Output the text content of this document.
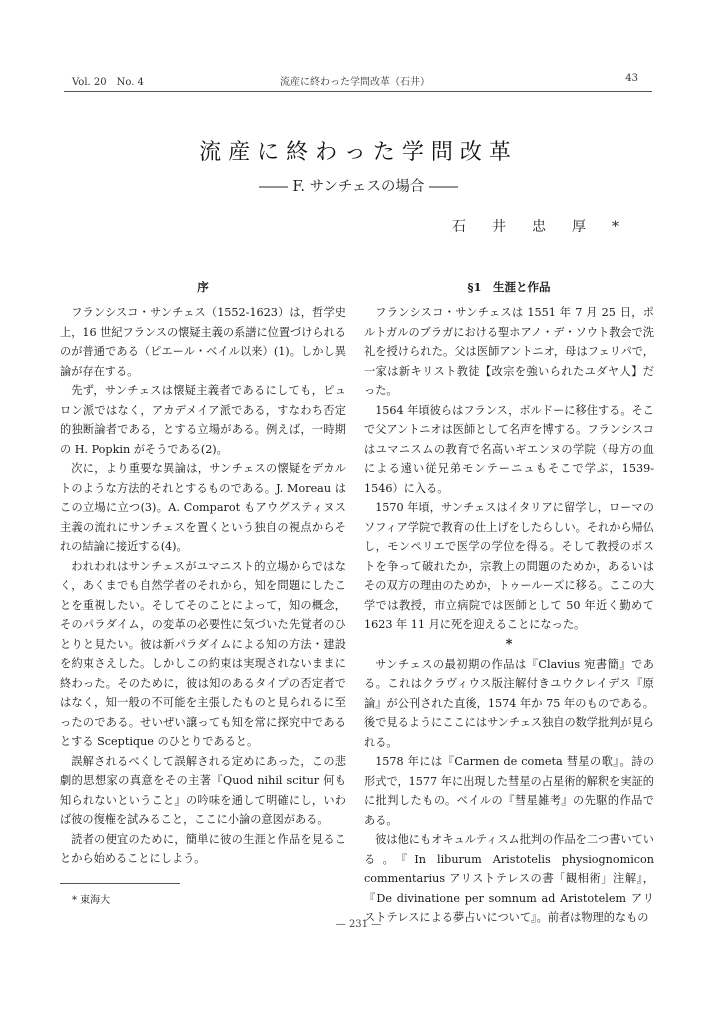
Vol. 20　No. 4	流産に終わった学問改革（石井）	43
流産に終わった学問改革
―― F. サンチェスの場合 ――
石井忠厚*
序

フランシスコ・サンチェス（1552-1623）は，哲学史上，16 世紀フランスの懐疑主義の系譜に位置づけられるのが普通である（ピエール・ベイル以来）(1)。しかし異論が存在する。

先ず，サンチェスは懐疑主義者であるにしても，ピュロン派ではなく，アカデメイア派である，すなわち否定的独断論者である，とする立場がある。例えば，一時期の H. Popkin がそうである(2)。

次に，より重要な異論は，サンチェスの懐疑をデカルトのような方法的それとするものである。J. Moreau はこの立場に立つ(3)。A. Comparot もアウグスティヌス主義の流れにサンチェスを置くという独自の視点からそれの結論に接近する(4)。

われわれはサンチェスがユマニスト的立場からではなく，あくまでも自然学者のそれから，知を問題にしたことを重視したい。そしてそのことによって，知の概念，そのパラダイム，の変革の必要性に気づいた先覚者のひとりと見たい。彼は新パラダイムによる知の方法・建設を約束さえした。しかしこの約束は実現されないままに終わった。そのために，彼は知のあるタイプの否定者ではなく，知一般の不可能を主張したものと見られるに至ったのである。せいぜい譲っても知を常に探究中であるとする Sceptique のひとりであると。

誤解されるべくして誤解される定めにあった，この悲劇的思想家の真意をその主著『Quod nihil scitur 何も知られないということ』の吟味を通して明確にし，いわば彼の復権を試みること，ここに小論の意図がある。

読者の便宜のために，簡単に彼の生涯と作品を見ることから始めることにしよう。

§1　生涯と作品

フランシスコ・サンチェスは 1551 年 7 月 25 日，ポルトガルのブラガにおける聖ホアノ・デ・ソウト教会で洗礼を授けられた。父は医師アントニオ，母はフェリパで，一家は新キリスト教徒【改宗を強いられたユダヤ人】だった。

1564 年頃彼らはフランス，ボルドーに移住する。そこで父アントニオは医師として名声を博する。フランシスコはユマニスムの教育で名高いギエンヌの学院（母方の血による遠い従兄弟モンテーニュもそこで学ぶ，1539-1546）に入る。

1570 年頃，サンチェスはイタリアに留学し，ローマのソフィア学院で教育の仕上げをしたらしい。それから帰仏し，モンペリエで医学の学位を得る。そして教授のポストを争って破れたか，宗教上の問題のためか，あるいはその双方の理由のためか，トゥールーズに移る。ここの大学では教授，市立病院では医師として 50 年近く勤めて 1623 年 11 月に死を迎えることになった。

*

サンチェスの最初期の作品は『Clavius 宛書簡』である。これはクラヴィウス版注解付きユウクレイデス『原論』が公刊された直後，1574 年か 75 年のものである。後で見るようにここにはサンチェス独自の数学批判が見られる。

1578 年には『Carmen de cometa 彗星の歌』。詩の形式で，1577 年に出現した彗星の占星術的解釈を実証的に批判したもの。ベイルの『彗星雑考』の先駆的作品である。

彼は他にもオキュルティスム批判の作品を二つ書いている。『In liburum Aristotelis physiognomicon commentarius アリストテレスの書「観相術」注解』，『De divinatione per somnum ad Aristotelem アリストテレスによる夢占いについて』。前者は物理的なもの

* 東海大
— 231 —
